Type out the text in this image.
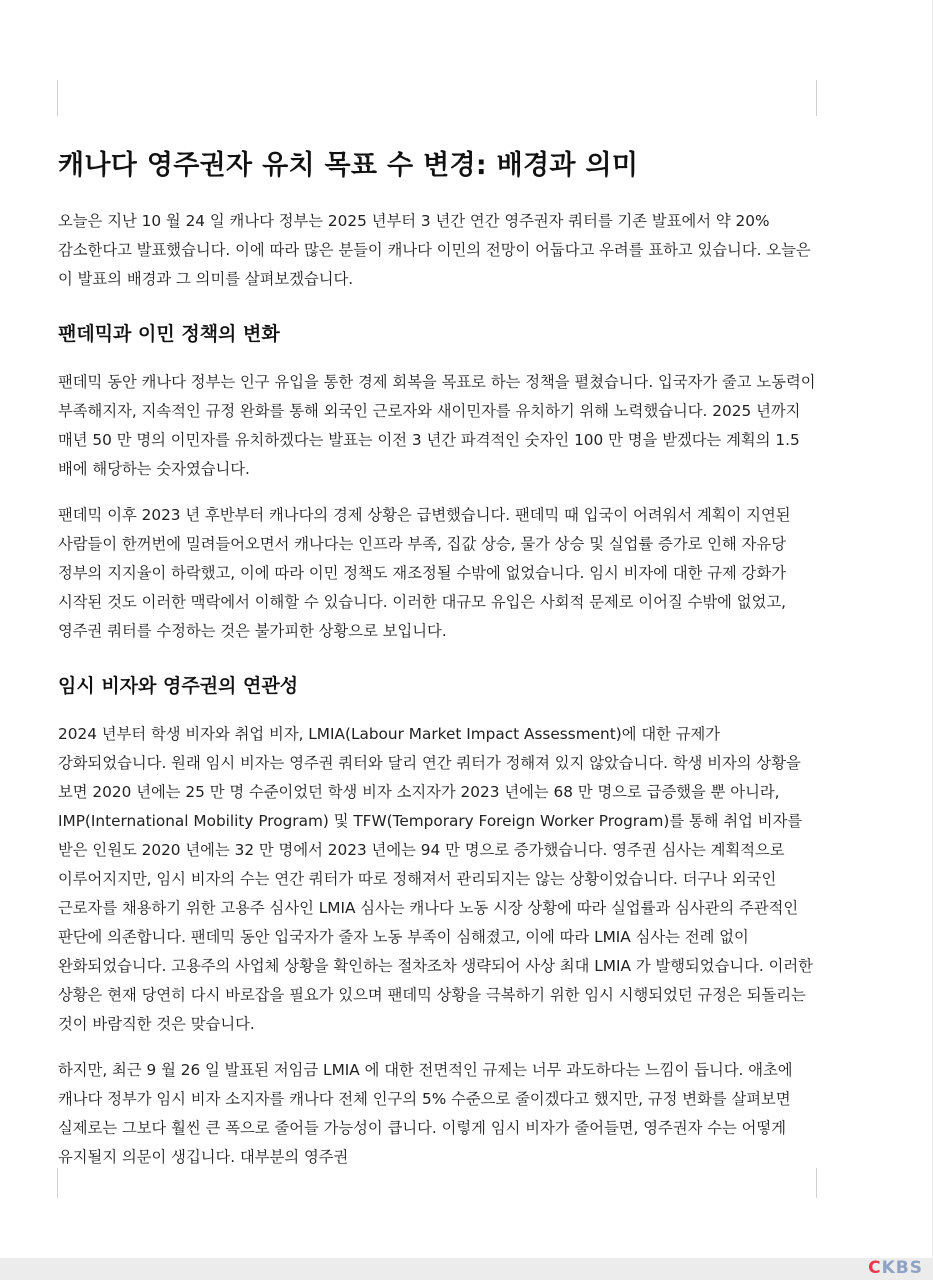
캐나다 영주권자 유치 목표 수 변경: 배경과 의미

오늘은 지난 10 월 24 일 캐나다 정부는 2025 년부터 3 년간 연간 영주권자 쿼터를 기존 발표에서 약 20% 감소한다고 발표했습니다. 이에 따라 많은 분들이 캐나다 이민의 전망이 어둡다고 우려를 표하고 있습니다. 오늘은 이 발표의 배경과 그 의미를 살펴보겠습니다.

팬데믹과 이민 정책의 변화

팬데믹 동안 캐나다 정부는 인구 유입을 통한 경제 회복을 목표로 하는 정책을 펼쳤습니다. 입국자가 줄고 노동력이 부족해지자, 지속적인 규정 완화를 통해 외국인 근로자와 새이민자를 유치하기 위해 노력했습니다. 2025 년까지 매년 50 만 명의 이민자를 유치하겠다는 발표는 이전 3 년간 파격적인 숫자인 100 만 명을 받겠다는 계획의 1.5 배에 해당하는 숫자였습니다.

팬데믹 이후 2023 년 후반부터 캐나다의 경제 상황은 급변했습니다. 팬데믹 때 입국이 어려워서 계획이 지연된 사람들이 한꺼번에 밀려들어오면서 캐나다는 인프라 부족, 집값 상승, 물가 상승 및 실업률 증가로 인해 자유당 정부의 지지율이 하락했고, 이에 따라 이민 정책도 재조정될 수밖에 없었습니다. 임시 비자에 대한 규제 강화가 시작된 것도 이러한 맥락에서 이해할 수 있습니다. 이러한 대규모 유입은 사회적 문제로 이어질 수밖에 없었고, 영주권 쿼터를 수정하는 것은 불가피한 상황으로 보입니다.

임시 비자와 영주권의 연관성

2024 년부터 학생 비자와 취업 비자, LMIA(Labour Market Impact Assessment)에 대한 규제가 강화되었습니다. 원래 임시 비자는 영주권 쿼터와 달리 연간 쿼터가 정해져 있지 않았습니다. 학생 비자의 상황을 보면 2020 년에는 25 만 명 수준이었던 학생 비자 소지자가 2023 년에는 68 만 명으로 급증했을 뿐 아니라, IMP(International Mobility Program) 및 TFW(Temporary Foreign Worker Program)를 통해 취업 비자를 받은 인원도 2020 년에는 32 만 명에서 2023 년에는 94 만 명으로 증가했습니다. 영주권 심사는 계획적으로 이루어지지만, 임시 비자의 수는 연간 쿼터가 따로 정해져서 관리되지는 않는 상황이었습니다. 더구나 외국인 근로자를 채용하기 위한 고용주 심사인 LMIA 심사는 캐나다 노동 시장 상황에 따라 실업률과 심사관의 주관적인 판단에 의존합니다. 팬데믹 동안 입국자가 줄자 노동 부족이 심해졌고, 이에 따라 LMIA 심사는 전례 없이 완화되었습니다. 고용주의 사업체 상황을 확인하는 절차조차 생략되어 사상 최대 LMIA 가 발행되었습니다. 이러한 상황은 현재 당연히 다시 바로잡을 필요가 있으며 팬데믹 상황을 극복하기 위한 임시 시행되었던 규정은 되돌리는 것이 바람직한 것은 맞습니다.

하지만, 최근 9 월 26 일 발표된 저임금 LMIA 에 대한 전면적인 규제는 너무 과도하다는 느낌이 듭니다. 애초에 캐나다 정부가 임시 비자 소지자를 캐나다 전체 인구의 5% 수준으로 줄이겠다고 했지만, 규정 변화를 살펴보면 실제로는 그보다 훨씬 큰 폭으로 줄어들 가능성이 큽니다. 이렇게 임시 비자가 줄어들면, 영주권자 수는 어떻게 유지될지 의문이 생깁니다. 대부분의 영주권

CKBS
